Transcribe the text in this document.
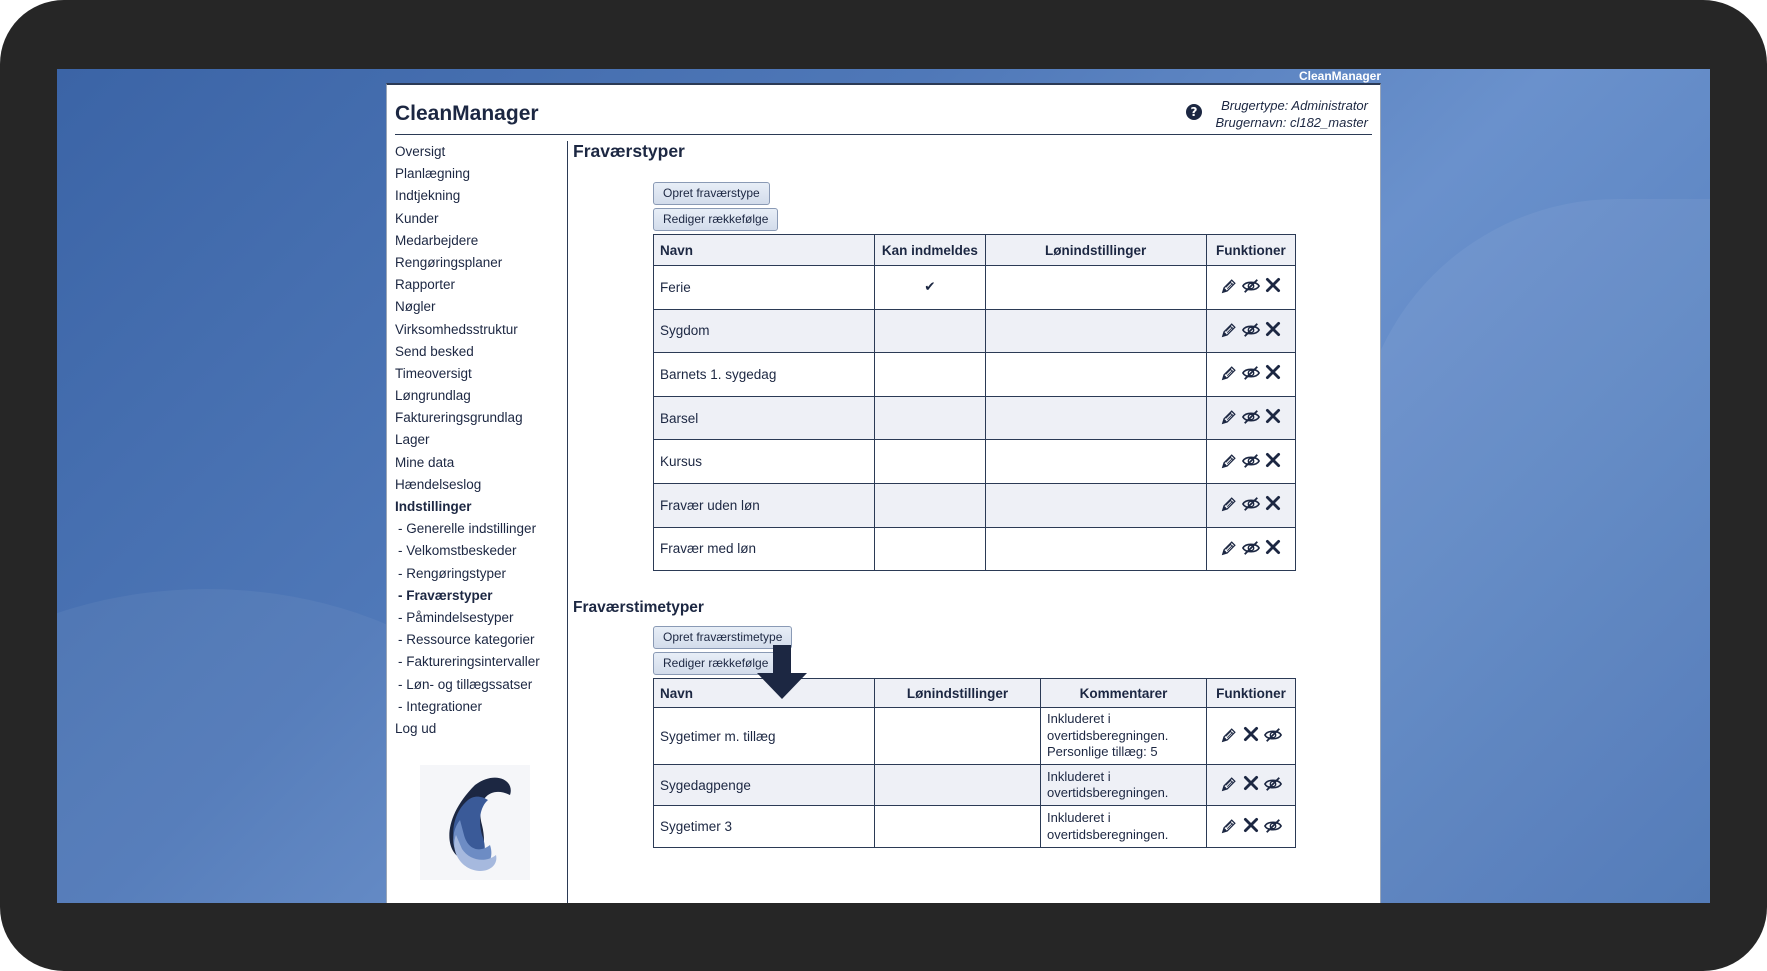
CleanManager
CleanManager	?	Brugertype: Administrator
Brugernavn: cl182_master
Oversigt
Planlægning
Indtjekning
Kunder
Medarbejdere
Rengøringsplaner
Rapporter
Nøgler
Virksomhedsstruktur
Send besked
Timeoversigt
Løngrundlag
Faktureringsgrundlag
Lager
Mine data
Hændelseslog
Indstillinger
- Generelle indstillinger
- Velkomstbeskeder
- Rengøringstyper
- Fraværstyper
- Påmindelsestyper
- Ressource kategorier
- Faktureringsintervaller
- Løn- og tillægssatser
- Integrationer
Log ud
Fraværstyper
Opret fraværstype
Rediger rækkefølge
Navn	Kan indmeldes	Lønindstillinger	Funktioner
Ferie	✔		
Sygdom			
Barnets 1. sygedag			
Barsel			
Kursus			
Fravær uden løn			
Fravær med løn			
Fraværstimetyper
Opret fraværstimetype
Rediger rækkefølge
Navn	Lønindstillinger	Kommentarer	Funktioner
Sygetimer m. tillæg		Inkluderet i
overtidsberegningen.
Personlige tillæg: 5

Sygedagpenge		Inkluderet i
overtidsberegningen.

Sygetimer 3		Inkluderet i
overtidsberegningen.
